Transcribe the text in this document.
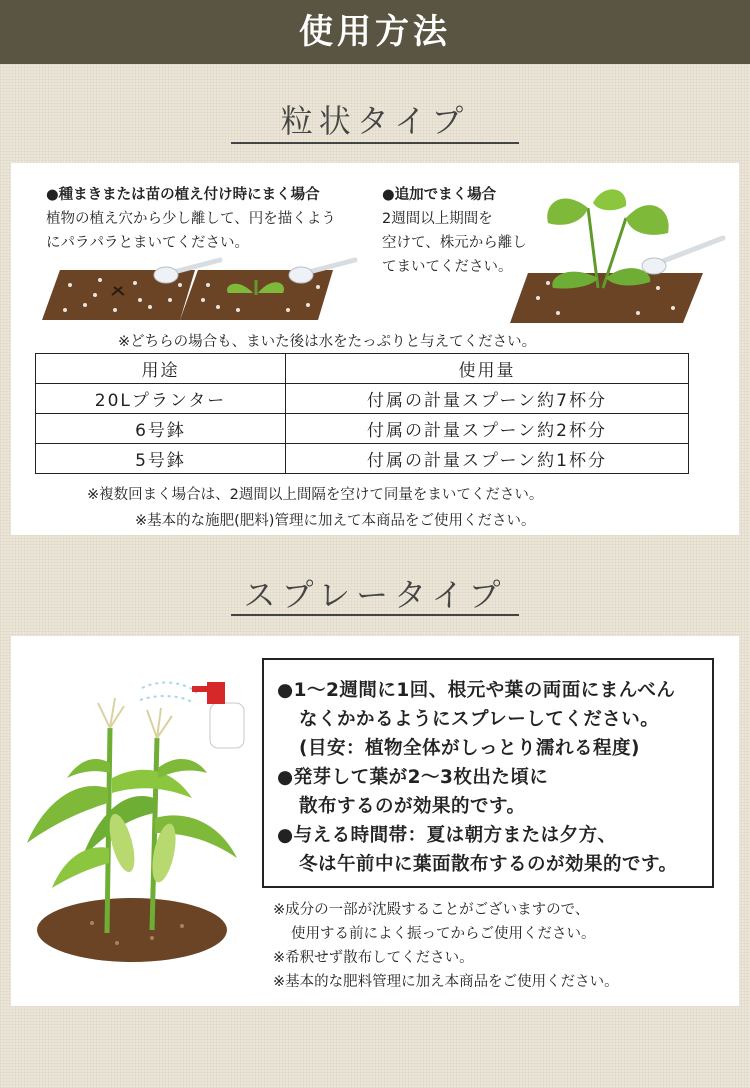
使用方法
粒状タイプ
●種まきまたは苗の植え付け時にまく場合
植物の植え穴から少し離して、円を描くよう
にパラパラとまいてください。
●追加でまく場合
2週間以上期間を
空けて、株元から離し
てまいてください。
※どちらの場合も、まいた後は水をたっぷりと与えてください。
用途	使用量
20Lプランター	付属の計量スプーン約7杯分
6号鉢	付属の計量スプーン約2杯分
5号鉢	付属の計量スプーン約1杯分
※複数回まく場合は、2週間以上間隔を空けて同量をまいてください。
※基本的な施肥(肥料)管理に加えて本商品をご使用ください。
スプレータイプ
●1～2週間に1回、根元や葉の両面にまんべん
なくかかるようにスプレーしてください。
(目安：植物全体がしっとり濡れる程度)
●発芽して葉が2～3枚出た頃に
散布するのが効果的です。
●与える時間帯：夏は朝方または夕方、
冬は午前中に葉面散布するのが効果的です。
※成分の一部が沈殿することがございますので、
使用する前によく振ってからご使用ください。
※希釈せず散布してください。
※基本的な肥料管理に加え本商品をご使用ください。
